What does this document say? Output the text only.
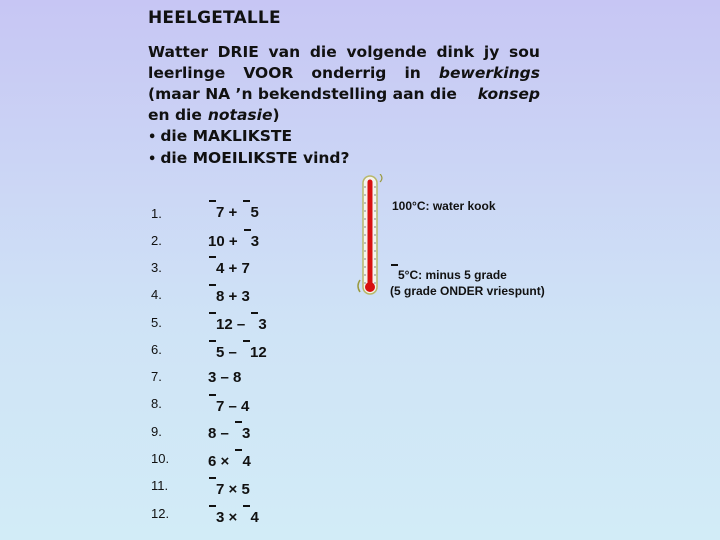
HEELGETALLE
Watter DRIE van die volgende dink jy sou
leerlinge VOOR onderrig in bewerkings
(maar NA ’n bekendstelling aan die konsep
en die notasie)
• die MAKLIKSTE
• die MOEILIKSTE vind?
1.	7 + 5
2.	10 + 3
3.	4 + 7
4.	8 + 3
5.	12 – 3
6.	5 – 12
7.	3 – 8
8.	7 – 4
9.	8 – 3
10.	6 × 4
11.	7 × 5
12.	3 × 4
100°C: water kook
5°C: minus 5 grade
(5 grade ONDER vriespunt)
